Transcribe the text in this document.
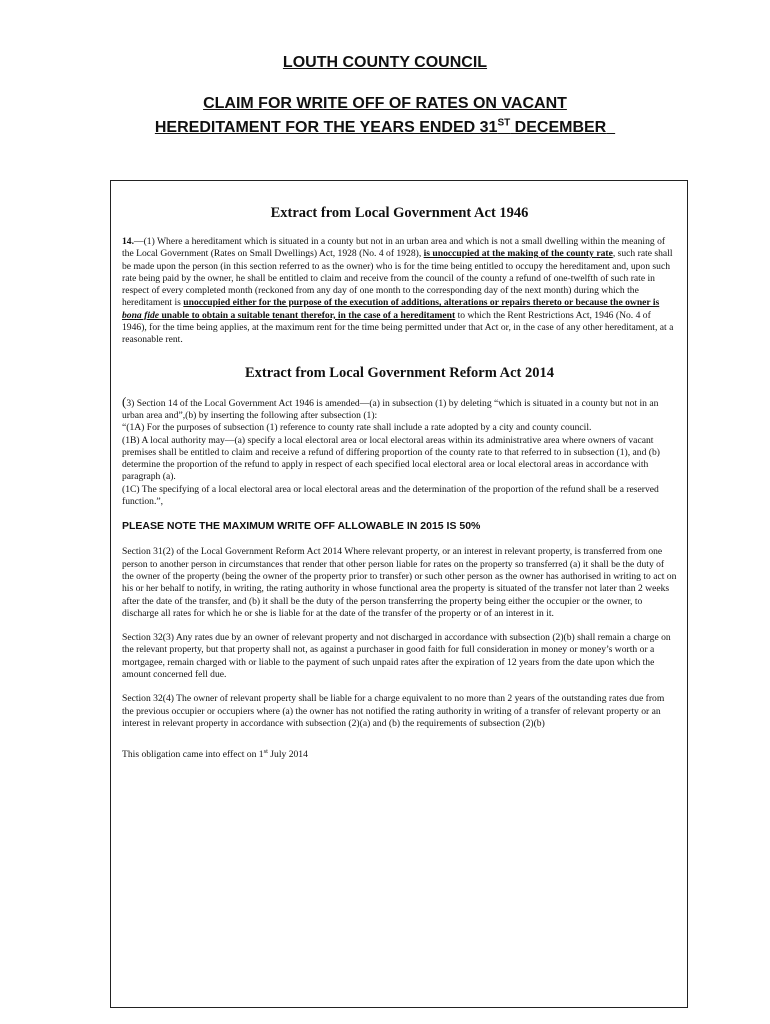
LOUTH COUNTY COUNCIL
CLAIM FOR WRITE OFF OF RATES ON VACANT
HEREDITAMENT FOR THE YEARS ENDED 31ST DECEMBER
Extract from Local Government Act 1946

14.—(1) Where a hereditament which is situated in a county but not in an urban area and which is not a small dwelling within the meaning of the Local Government (Rates on Small Dwellings) Act, 1928 (No. 4 of 1928), is unoccupied at the making of the county rate, such rate shall be made upon the person (in this section referred to as the owner) who is for the time being entitled to occupy the hereditament and, upon such rate being paid by the owner, he shall be entitled to claim and receive from the council of the county a refund of one-twelfth of such rate in respect of every completed month (reckoned from any day of one month to the corresponding day of the next month) during which the hereditament is unoccupied either for the purpose of the execution of additions, alterations or repairs thereto or because the owner is bona fide unable to obtain a suitable tenant therefor, in the case of a hereditament to which the Rent Restrictions Act, 1946 (No. 4 of 1946), for the time being applies, at the maximum rent for the time being permitted under that Act or, in the case of any other hereditament, at a reasonable rent.

Extract from Local Government Reform Act 2014

(3) Section 14 of the Local Government Act 1946 is amended—(a) in subsection (1) by deleting “which is situated in a county but not in an urban area and”,(b) by inserting the following after subsection (1):
“(1A) For the purposes of subsection (1) reference to county rate shall include a rate adopted by a city and county council.
(1B) A local authority may—(a) specify a local electoral area or local electoral areas within its administrative area where owners of vacant premises shall be entitled to claim and receive a refund of differing proportion of the county rate to that referred to in subsection (1), and (b) determine the proportion of the refund to apply in respect of each specified local electoral area or local electoral areas in accordance with paragraph (a).
(1C) The specifying of a local electoral area or local electoral areas and the determination of the proportion of the refund shall be a reserved function.”,

PLEASE NOTE THE MAXIMUM WRITE OFF ALLOWABLE IN 2015 IS 50%

Section 31(2) of the Local Government Reform Act 2014 Where relevant property, or an interest in relevant property, is transferred from one person to another person in circumstances that render that other person liable for rates on the property so transferred (a) it shall be the duty of the owner of the property (being the owner of the property prior to transfer) or such other person as the owner has authorised in writing to act on his or her behalf to notify, in writing, the rating authority in whose functional area the property is situated of the transfer not later than 2 weeks after the date of the transfer, and (b) it shall be the duty of the person transferring the property being either the occupier or the owner, to discharge all rates for which he or she is liable for at the date of the transfer of the property or of an interest in it.

Section 32(3) Any rates due by an owner of relevant property and not discharged in accordance with subsection (2)(b) shall remain a charge on the relevant property, but that property shall not, as against a purchaser in good faith for full consideration in money or money’s worth or a mortgagee, remain charged with or liable to the payment of such unpaid rates after the expiration of 12 years from the date upon which the amount concerned fell due.

Section 32(4) The owner of relevant property shall be liable for a charge equivalent to no more than 2 years of the outstanding rates due from the previous occupier or occupiers where (a) the owner has not notified the rating authority in writing of a transfer of relevant property or an interest in relevant property in accordance with subsection (2)(a) and (b) the requirements of subsection (2)(b)

This obligation came into effect on 1st July 2014
